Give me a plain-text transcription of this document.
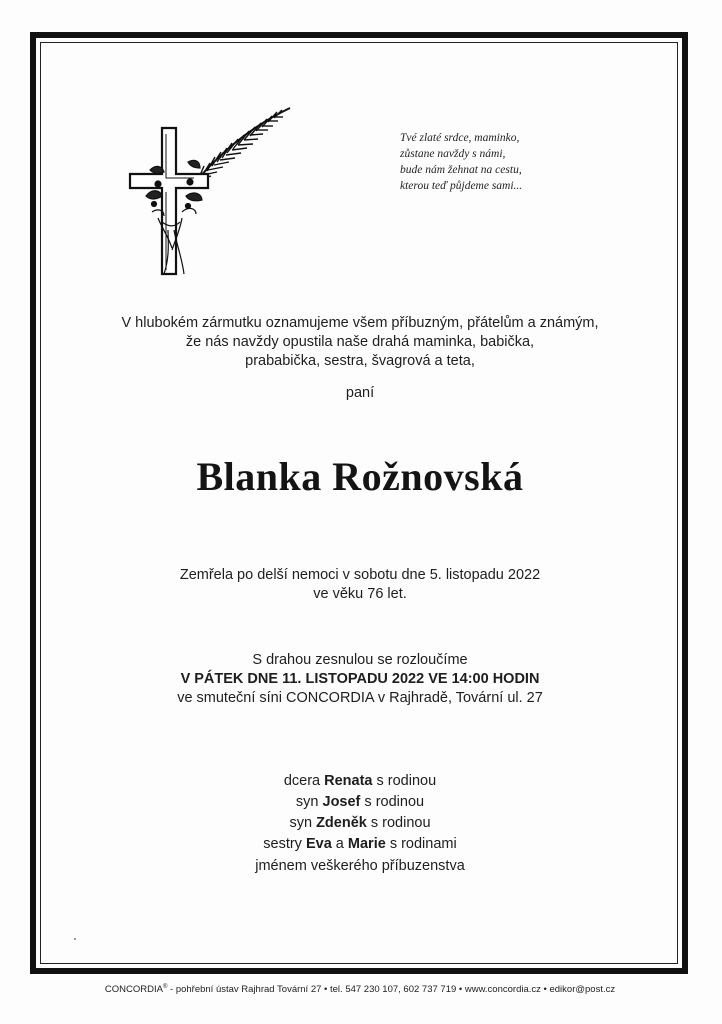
Tvé zlaté srdce, maminko,
zůstane navždy s námi,
bude nám žehnat na cestu,
kterou teď půjdeme sami...
V hlubokém zármutku oznamujeme všem příbuzným, přátelům a známým,
že nás navždy opustila naše drahá maminka, babička,
prababička, sestra, švagrová a teta,
paní
Blanka Rožnovská
Zemřela po delší nemoci v sobotu dne 5. listopadu 2022
ve věku 76 let.
S drahou zesnulou se rozloučíme
V PÁTEK DNE 11. LISTOPADU 2022 VE 14:00 HODIN
ve smuteční síni CONCORDIA v Rajhradě, Tovární ul. 27
dcera Renata s rodinou
syn Josef s rodinou
syn Zdeněk s rodinou
sestry Eva a Marie s rodinami
jménem veškerého příbuzenstva
CONCORDIA® - pohřební ústav Rajhrad Tovární 27 • tel. 547 230 107, 602 737 719 • www.concordia.cz • edikor@post.cz
